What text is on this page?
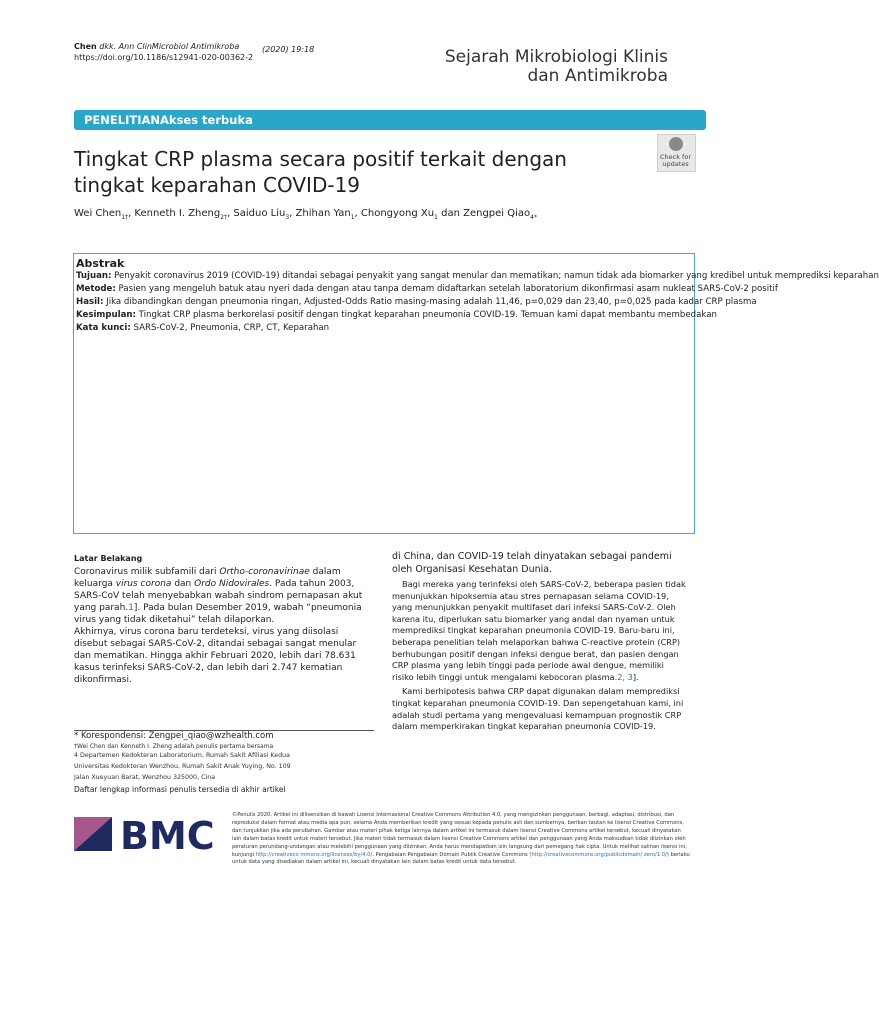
Chen dkk. Ann ClinMicrobiol Antimikroba
https://doi.org/10.1186/s12941-020-00362-2
(2020) 19:18	Sejarah Mikrobiologi Klinis
dan Antimikroba
PENELITIANAkses terbuka
Check for updates
Tingkat CRP plasma secara positif terkait dengan tingkat keparahan COVID-19
Wei Chen$_{1\dagger}$, Kenneth I. Zheng$_{2\dagger}$, Saiduo Liu$_3$, Zhihan Yan$_1$, Chongyong $Xu_1$ dan Zengpei Qiao$_{4*}$
Abstrak
Tujuan: Penyakit coronavirus 2019 (COVID-19) ditandai sebagai penyakit yang sangat menular dan mematikan; namun tidak ada biomarker yang kredibel untuk memprediksi keparahan
Metode: Pasien yang mengeluh batuk atau nyeri dada dengan atau tanpa demam didaftarkan setelah laboratorium dikonfirmasi asam nukleat SARS-CoV-2 positif
Hasil: Jika dibandingkan dengan pneumonia ringan, Adjusted-Odds Ratio masing-masing adalah 11,46, p=0,029 dan 23,40, p=0,025 pada kadar CRP plasma
Kesimpulan: Tingkat CRP plasma berkorelasi positif dengan tingkat keparahan pneumonia COVID-19. Temuan kami dapat membantu membedakan
Kata kunci: SARS-CoV-2, Pneumonia, CRP, CT, Keparahan
Latar Belakang

Coronavirus milik subfamili dari Ortho-coronavirinae dalam keluarga virus corona dan Ordo Nidovirales. Pada tahun 2003, SARS-CoV telah menyebabkan wabah sindrom pernapasan akut yang parah.1]. Pada bulan Desember 2019, wabah “pneumonia virus yang tidak diketahui” telah dilaporkan.

Akhirnya, virus corona baru terdeteksi, virus yang diisolasi disebut sebagai SARS-CoV-2, ditandai sebagai sangat menular dan mematikan. Hingga akhir Februari 2020, lebih dari 78.631 kasus terinfeksi SARS-CoV-2, dan lebih dari 2.747 kematian dikonfirmasi.

* Korespondensi: Zengpei_qiao@wzhealth.com
†Wei Chen dan Kenneth I. Zheng adalah penulis pertama bersama
4 Departemen Kedokteran Laboratorium, Rumah Sakit Afiliasi Kedua
Universitas Kedokteran Wenzhou, Rumah Sakit Anak Yuying, No. 109
Jalan Xueyuan Barat, Wenzhou 325000, Cina
Daftar lengkap informasi penulis tersedia di akhir artikel

di China, dan COVID-19 telah dinyatakan sebagai pandemi oleh Organisasi Kesehatan Dunia.

Bagi mereka yang terinfeksi oleh SARS-CoV-2, beberapa pasien tidak menunjukkan hipoksemia atau stres pernapasan selama COVID-19, yang menunjukkan penyakit multifaset dari infeksi SARS-CoV-2. Oleh karena itu, diperlukan satu biomarker yang andal dan nyaman untuk memprediksi tingkat keparahan pneumonia COVID-19. Baru-baru ini, beberapa penelitian telah melaporkan bahwa C-reactive protein (CRP) berhubungan positif dengan infeksi dengue berat, dan pasien dengan CRP plasma yang lebih tinggi pada periode awal dengue, memiliki risiko lebih tinggi untuk mengalami kebocoran plasma.2, 3].

Kami berhipotesis bahwa CRP dapat digunakan dalam memprediksi tingkat keparahan pneumonia COVID-19. Dan sepengetahuan kami, ini adalah studi pertama yang mengevaluasi kemampuan prognostik CRP dalam memperkirakan tingkat keparahan pneumonia COVID-19.

BMC	©Penulis 2020. Artikel ini dilisensikan di bawah Lisensi Internasional Creative Commons Attribution 4.0, yang mengizinkan penggunaan, berbagi, adaptasi, distribusi, dan reproduksi dalam format atau media apa pun, selama Anda memberikan kredit yang sesuai kepada penulis asli dan sumbernya, berikan tautan ke lisensi Creative Commons, dan tunjukkan jika ada perubahan. Gambar atau materi pihak ketiga lainnya dalam artikel ini termasuk dalam lisensi Creative Commons artikel tersebut, kecuali dinyatakan lain dalam batas kredit untuk materi tersebut. Jika materi tidak termasuk dalam lisensi Creative Commons artikel dan penggunaan yang Anda maksudkan tidak diizinkan oleh peraturan perundang-undangan atau melebihi penggunaan yang diizinkan, Anda harus mendapatkan izin langsung dari pemegang hak cipta. Untuk melihat salinan lisensi ini, kunjungi http://creativeco mmons.org/licenses/by/4.0/. Pengabaian Pengabaian Domain Publik Creative Commons (http://creativecommons.org/publicdomain/ zero/1.0/) berlaku untuk data yang disediakan dalam artikel ini, kecuali dinyatakan lain dalam batas kredit untuk data tersebut.
